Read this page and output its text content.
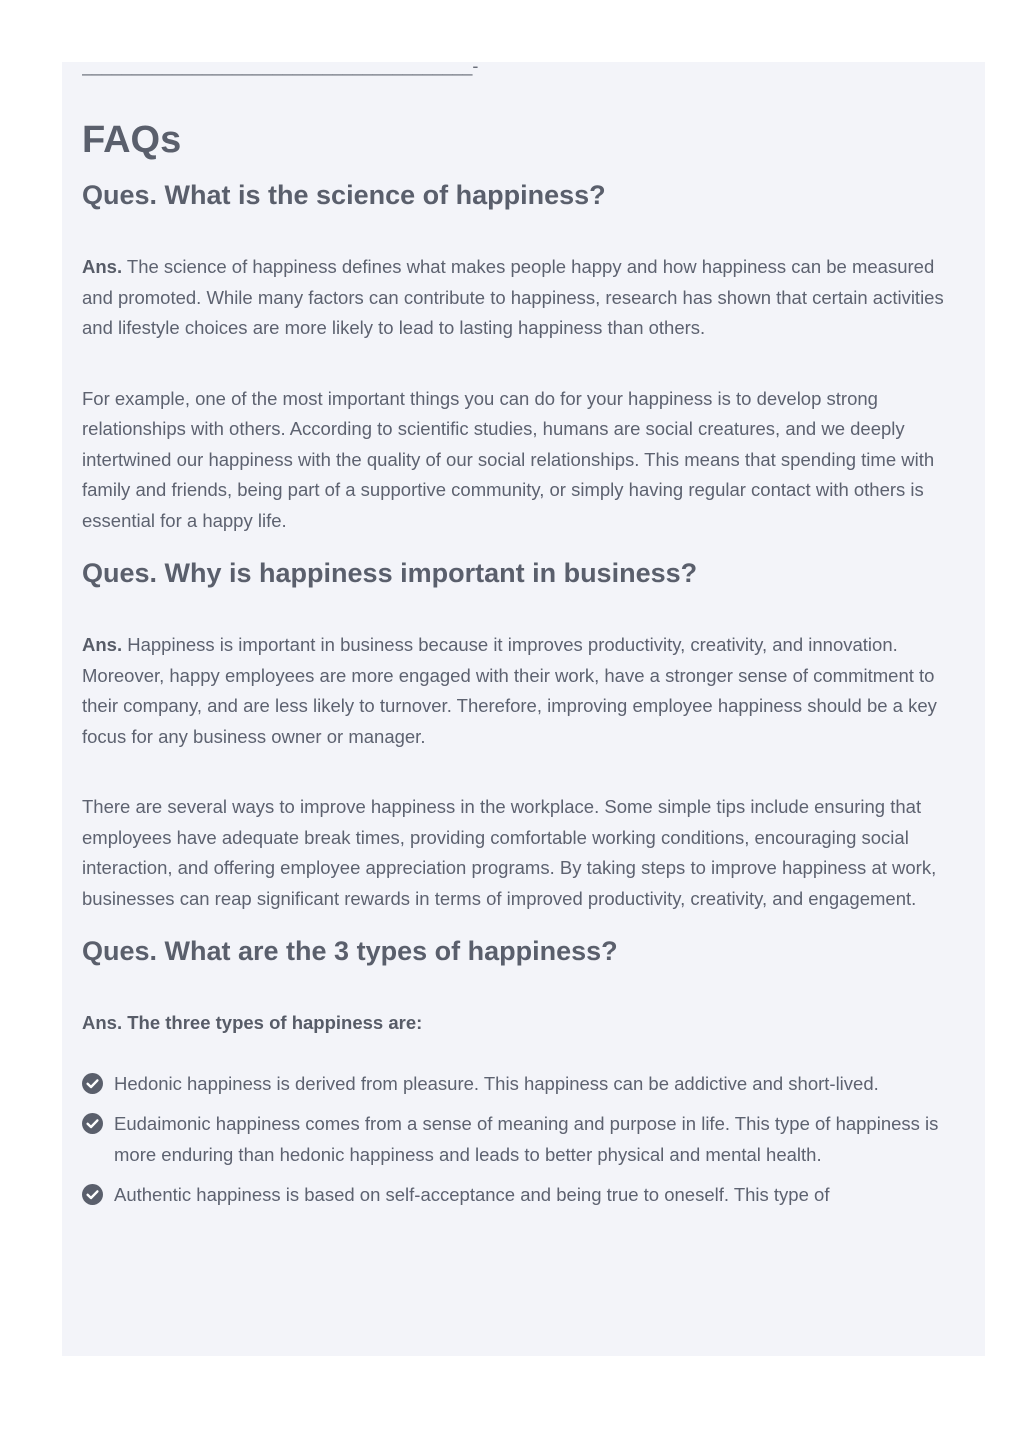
_______________________________________-
FAQs
Ques. What is the science of happiness?

Ans. The science of happiness defines what makes people happy and how happiness can be measured and promoted. While many factors can contribute to happiness, research has shown that certain activities and lifestyle choices are more likely to lead to lasting happiness than others.

For example, one of the most important things you can do for your happiness is to develop strong relationships with others. According to scientific studies, humans are social creatures, and we deeply intertwined our happiness with the quality of our social relationships. This means that spending time with family and friends, being part of a supportive community, or simply having regular contact with others is essential for a happy life.

Ques. Why is happiness important in business?

Ans. Happiness is important in business because it improves productivity, creativity, and innovation. Moreover, happy employees are more engaged with their work, have a stronger sense of commitment to their company, and are less likely to turnover. Therefore, improving employee happiness should be a key focus for any business owner or manager.

There are several ways to improve happiness in the workplace. Some simple tips include ensuring that employees have adequate break times, providing comfortable working conditions, encouraging social interaction, and offering employee appreciation programs. By taking steps to improve happiness at work, businesses can reap significant rewards in terms of improved productivity, creativity, and engagement.

Ques. What are the 3 types of happiness?

Ans. The three types of happiness are:

Hedonic happiness is derived from pleasure. This happiness can be addictive and short-lived.
Eudaimonic happiness comes from a sense of meaning and purpose in life. This type of happiness is more enduring than hedonic happiness and leads to better physical and mental health.
Authentic happiness is based on self-acceptance and being true to oneself. This type of
